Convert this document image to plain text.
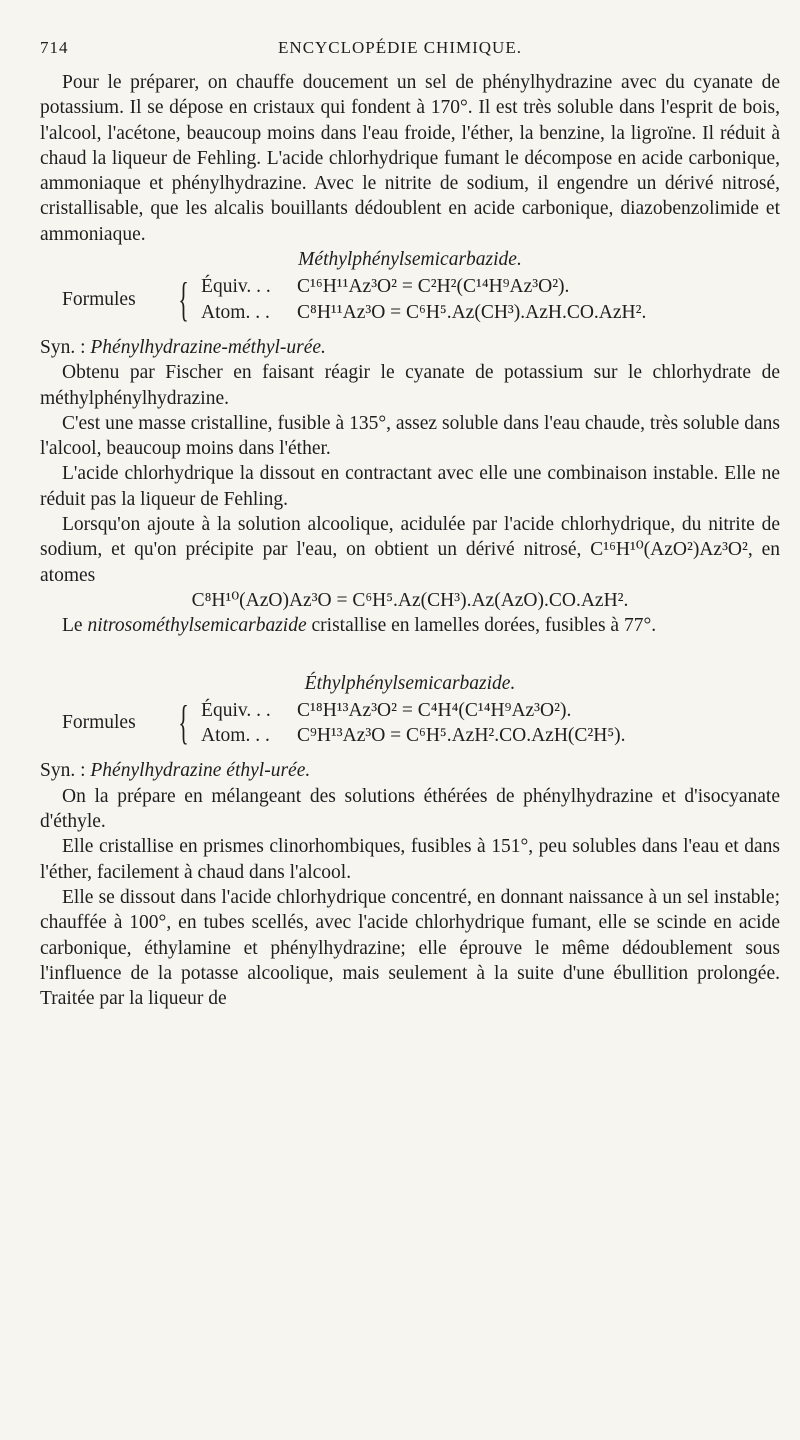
714	ENCYCLOPÉDIE CHIMIQUE.

Pour le préparer, on chauffe doucement un sel de phénylhydrazine avec du cyanate de potassium. Il se dépose en cristaux qui fondent à 170°. Il est très soluble dans l'esprit de bois, l'alcool, l'acétone, beaucoup moins dans l'eau froide, l'éther, la benzine, la ligroïne. Il réduit à chaud la liqueur de Fehling. L'acide chlorhydrique fumant le décompose en acide carbonique, ammoniaque et phénylhydrazine. Avec le nitrite de sodium, il engendre un dérivé nitrosé, cristallisable, que les alcalis bouillants dédoublent en acide carbonique, diazobenzolimide et ammoniaque.

Méthylphénylsemicarbazide.

Formules { Équiv. . .	C¹⁶H¹¹Az³O² = C²H²(C¹⁴H⁹Az³O²).
Atom. . .	C⁸H¹¹Az³O = C⁶H⁵.Az(CH³).AzH.CO.AzH².

Syn. : Phénylhydrazine-méthyl-urée.

Obtenu par Fischer en faisant réagir le cyanate de potassium sur le chlorhydrate de méthylphénylhydrazine.

C'est une masse cristalline, fusible à 135°, assez soluble dans l'eau chaude, très soluble dans l'alcool, beaucoup moins dans l'éther.

L'acide chlorhydrique la dissout en contractant avec elle une combinaison instable. Elle ne réduit pas la liqueur de Fehling.

Lorsqu'on ajoute à la solution alcoolique, acidulée par l'acide chlorhydrique, du nitrite de sodium, et qu'on précipite par l'eau, on obtient un dérivé nitrosé, C¹⁶H¹⁰(AzO²)Az³O², en atomes

C⁸H¹⁰(AzO)Az³O = C⁶H⁵.Az(CH³).Az(AzO).CO.AzH².

Le nitrosométhylsemicarbazide cristallise en lamelles dorées, fusibles à 77°.

Éthylphénylsemicarbazide.

Formules { Équiv. . .	C¹⁸H¹³Az³O² = C⁴H⁴(C¹⁴H⁹Az³O²).
Atom. . .	C⁹H¹³Az³O = C⁶H⁵.AzH².CO.AzH(C²H⁵).

Syn. : Phénylhydrazine éthyl-urée.

On la prépare en mélangeant des solutions éthérées de phénylhydrazine et d'isocyanate d'éthyle.

Elle cristallise en prismes clinorhombiques, fusibles à 151°, peu solubles dans l'eau et dans l'éther, facilement à chaud dans l'alcool.

Elle se dissout dans l'acide chlorhydrique concentré, en donnant naissance à un sel instable; chauffée à 100°, en tubes scellés, avec l'acide chlorhydrique fumant, elle se scinde en acide carbonique, éthylamine et phénylhydrazine; elle éprouve le même dédoublement sous l'influence de la potasse alcoolique, mais seulement à la suite d'une ébullition prolongée. Traitée par la liqueur de
